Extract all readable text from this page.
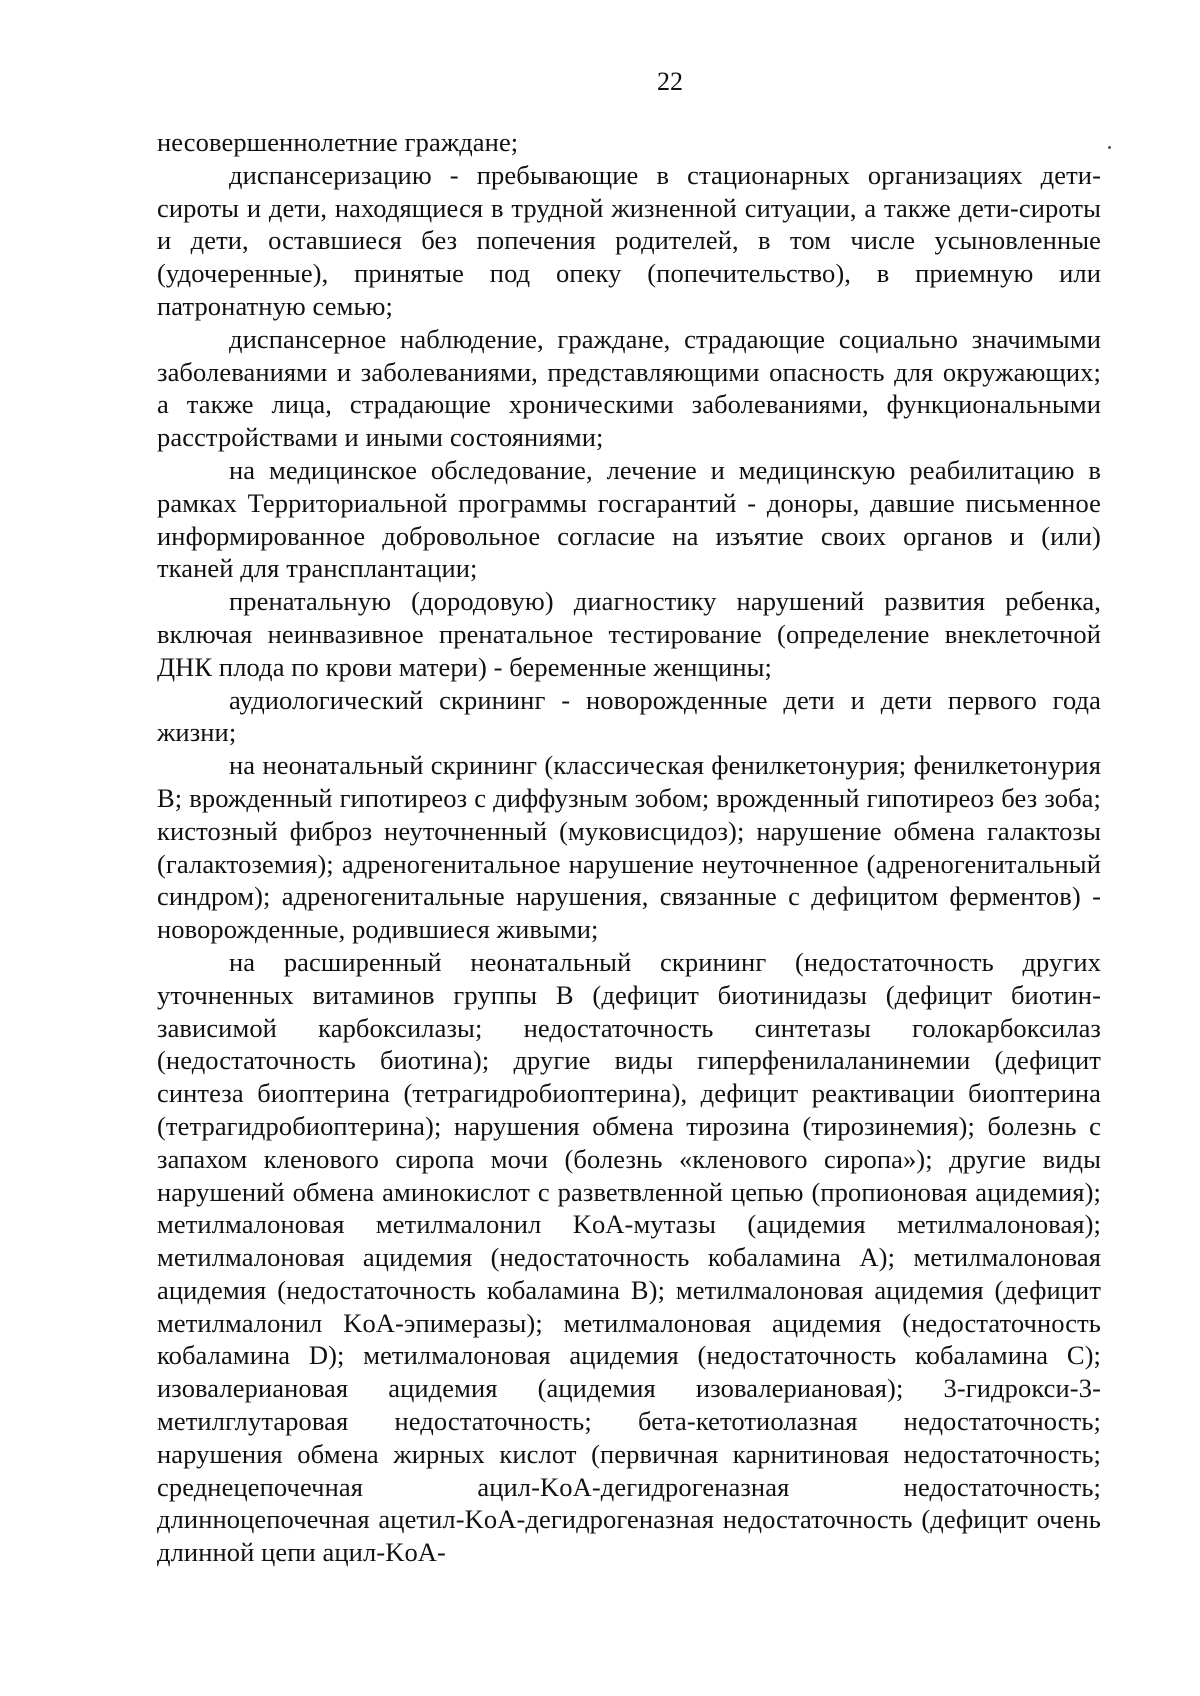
22

несовершеннолетние граждане;

диспансеризацию - пребывающие в стационарных организациях дети-сироты и дети, находящиеся в трудной жизненной ситуации, а также дети-сироты и дети, оставшиеся без попечения родителей, в том числе усыновленные (удочеренные), принятые под опеку (попечительство), в приемную или патронатную семью;

диспансерное наблюдение, граждане, страдающие социально значимыми заболеваниями и заболеваниями, представляющими опасность для окружающих; а также лица, страдающие хроническими заболеваниями, функциональными расстройствами и иными состояниями;

на медицинское обследование, лечение и медицинскую реабилитацию в рамках Территориальной программы госгарантий - доноры, давшие письменное информированное добровольное согласие на изъятие своих органов и (или) тканей для трансплантации;

пренатальную (дородовую) диагностику нарушений развития ребенка, включая неинвазивное пренатальное тестирование (определение внеклеточной ДНК плода по крови матери) - беременные женщины;

аудиологический скрининг - новорожденные дети и дети первого года жизни;

на неонатальный скрининг (классическая фенилкетонурия; фенилкетонурия B; врожденный гипотиреоз с диффузным зобом; врожденный гипотиреоз без зоба; кистозный фиброз неуточненный (муковисцидоз); нарушение обмена галактозы (галактоземия); адреногенитальное нарушение неуточненное (адреногенитальный синдром); адреногенитальные нарушения, связанные с дефицитом ферментов) - новорожденные, родившиеся живыми;

на расширенный неонатальный скрининг (недостаточность других уточненных витаминов группы B (дефицит биотинидазы (дефицит биотин-зависимой карбоксилазы; недостаточность синтетазы голокарбоксилаз (недостаточность биотина); другие виды гиперфенилаланинемии (дефицит синтеза биоптерина (тетрагидробиоптерина), дефицит реактивации биоптерина (тетрагидробиоптерина); нарушения обмена тирозина (тирозинемия); болезнь с запахом кленового сиропа мочи (болезнь «кленового сиропа»); другие виды нарушений обмена аминокислот с разветвленной цепью (пропионовая ацидемия); метилмалоновая метилмалонил KoA-мутазы (ацидемия метилмалоновая); метилмалоновая ацидемия (недостаточность кобаламина A); метилмалоновая ацидемия (недостаточность кобаламина B); метилмалоновая ацидемия (дефицит метилмалонил KoA-эпимеразы); метилмалоновая ацидемия (недостаточность кобаламина D); метилмалоновая ацидемия (недостаточность кобаламина C); изовалериановая ацидемия (ацидемия изовалериановая); 3-гидрокси-3-метилглутаровая недостаточность; бета-кетотиолазная недостаточность; нарушения обмена жирных кислот (первичная карнитиновая недостаточность; среднецепочечная ацил-KoA-дегидрогеназная недостаточность; длинноцепочечная ацетил-KoA-дегидрогеназная недостаточность (дефицит очень длинной цепи ацил-KoA-
